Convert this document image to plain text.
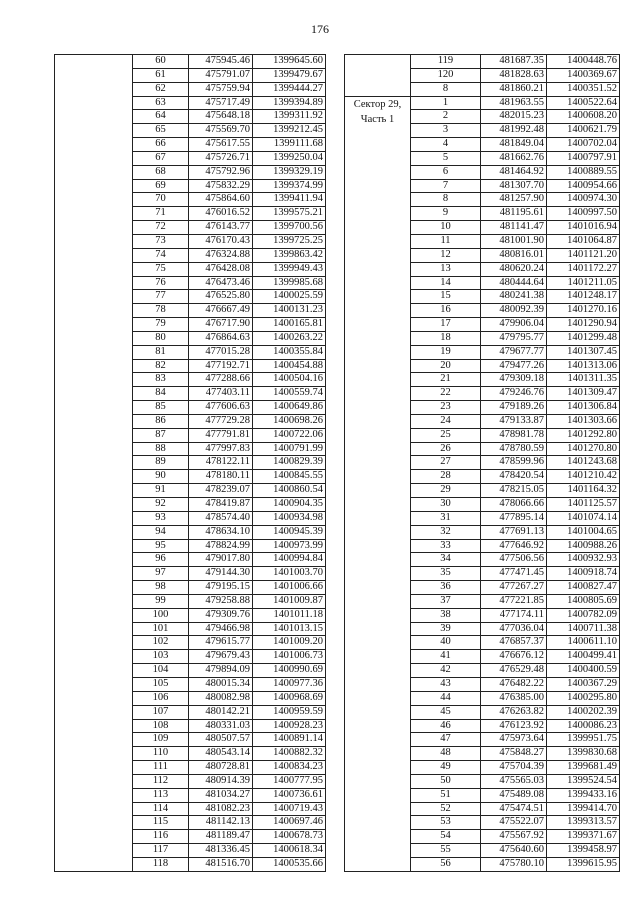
176
	60	475945.46	1399645.60
	61	475791.07	1399479.67
	62	475759.94	1399444.27
	63	475717.49	1399394.89
	64	475648.18	1399311.92
	65	475569.70	1399212.45
	66	475617.55	1399111.68
	67	475726.71	1399250.04
	68	475792.96	1399329.19
	69	475832.29	1399374.99
	70	475864.60	1399411.94
	71	476016.52	1399575.21
	72	476143.77	1399700.56
	73	476170.43	1399725.25
	74	476324.88	1399863.42
	75	476428.08	1399949.43
	76	476473.46	1399985.68
	77	476525.80	1400025.59
	78	476667.49	1400131.23
	79	476717.90	1400165.81
	80	476864.63	1400263.22
	81	477015.28	1400355.84
	82	477192.71	1400454.88
	83	477288.66	1400504.16
	84	477403.11	1400559.74
	85	477606.63	1400649.86
	86	477729.28	1400698.26
	87	477791.81	1400722.06
	88	477997.83	1400791.99
	89	478122.11	1400829.39
	90	478180.11	1400845.55
	91	478239.07	1400860.54
	92	478419.87	1400904.35
	93	478574.40	1400934.98
	94	478634.10	1400945.39
	95	478824.99	1400973.99
	96	479017.80	1400994.84
	97	479144.30	1401003.70
	98	479195.15	1401006.66
	99	479258.88	1401009.87
	100	479309.76	1401011.18
	101	479466.98	1401013.15
	102	479615.77	1401009.20
	103	479679.43	1401006.73
	104	479894.09	1400990.69
	105	480015.34	1400977.36
	106	480082.98	1400968.69
	107	480142.21	1400959.59
	108	480331.03	1400928.23
	109	480507.57	1400891.14
	110	480543.14	1400882.32
	111	480728.81	1400834.23
	112	480914.39	1400777.95
	113	481034.27	1400736.61
	114	481082.23	1400719.43
	115	481142.13	1400697.46
	116	481189.47	1400678.73
	117	481336.45	1400618.34
	118	481516.70	1400535.66
	119	481687.35	1400448.76
	120	481828.63	1400369.67
	8	481860.21	1400351.52

Сектор 29,
Часть 1	1	481963.55	1400522.64
	2	482015.23	1400608.20
	3	481992.48	1400621.79
	4	481849.04	1400702.04
	5	481662.76	1400797.91
	6	481464.92	1400889.55
	7	481307.70	1400954.66
	8	481257.90	1400974.30
	9	481195.61	1400997.50
	10	481141.47	1401016.94
	11	481001.90	1401064.87
	12	480816.01	1401121.20
	13	480620.24	1401172.27
	14	480444.64	1401211.05
	15	480241.38	1401248.17
	16	480092.39	1401270.16
	17	479906.04	1401290.94
	18	479795.77	1401299.48
	19	479677.77	1401307.45
	20	479477.26	1401313.06
	21	479309.18	1401311.35
	22	479246.76	1401309.47
	23	479189.26	1401306.84
	24	479133.87	1401303.66
	25	478981.78	1401292.80
	26	478780.59	1401270.80
	27	478599.96	1401243.68
	28	478420.54	1401210.42
	29	478215.05	1401164.32
	30	478066.66	1401125.57
	31	477895.14	1401074.14
	32	477691.13	1401004.65
	33	477646.92	1400988.26
	34	477506.56	1400932.93
	35	477471.45	1400918.74
	36	477267.27	1400827.47
	37	477221.85	1400805.69
	38	477174.11	1400782.09
	39	477036.04	1400711.38
	40	476857.37	1400611.10
	41	476676.12	1400499.41
	42	476529.48	1400400.59
	43	476482.22	1400367.29
	44	476385.00	1400295.80
	45	476263.82	1400202.39
	46	476123.92	1400086.23
	47	475973.64	1399951.75
	48	475848.27	1399830.68
	49	475704.39	1399681.49
	50	475565.03	1399524.54
	51	475489.08	1399433.16
	52	475474.51	1399414.70
	53	475522.07	1399313.57
	54	475567.92	1399371.67
	55	475640.60	1399458.97
	56	475780.10	1399615.95
